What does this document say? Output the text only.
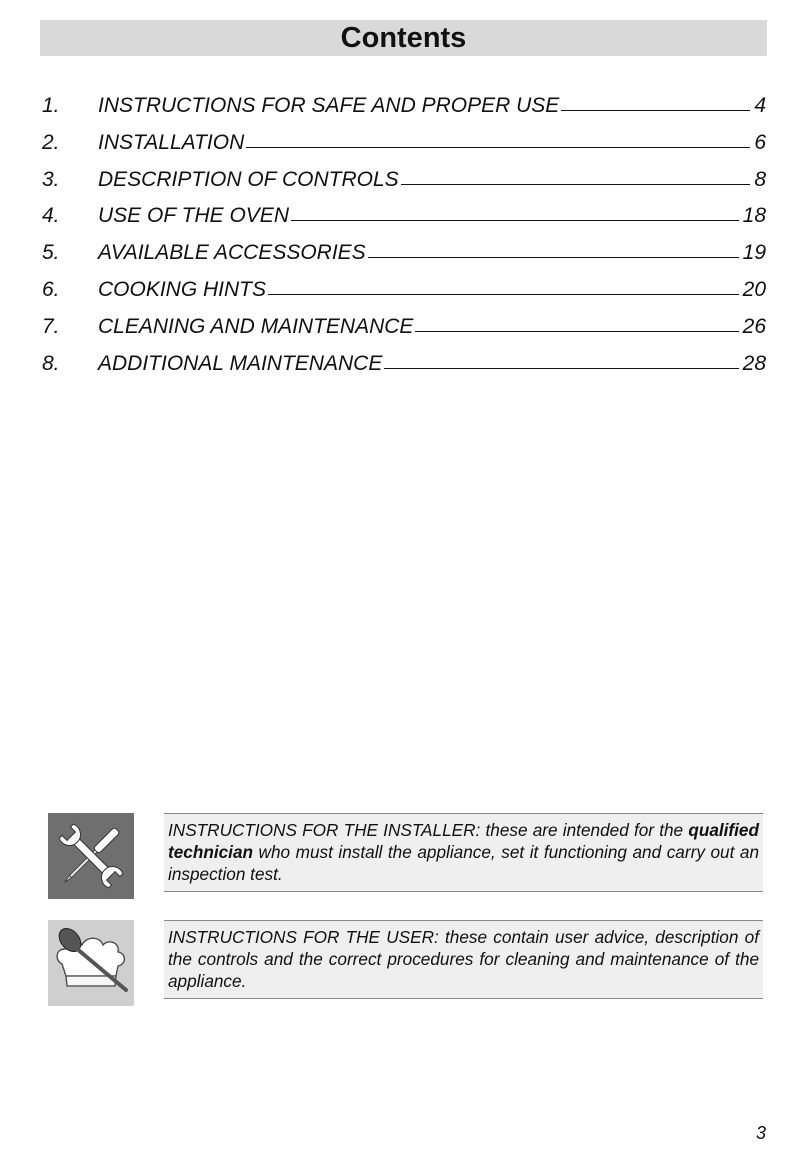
Contents
1.	INSTRUCTIONS FOR SAFE AND PROPER USE	4
2.	INSTALLATION	6
3.	DESCRIPTION OF CONTROLS	8
4.	USE OF THE OVEN	18
5.	AVAILABLE ACCESSORIES	19
6.	COOKING HINTS	20
7.	CLEANING AND MAINTENANCE	26
8.	ADDITIONAL MAINTENANCE	28
INSTRUCTIONS FOR THE INSTALLER: these are intended for the qualified technician who must install the appliance, set it functioning and carry out an inspection test.
INSTRUCTIONS FOR THE USER: these contain user advice, description of the controls and the correct procedures for cleaning and maintenance of the appliance.
3
